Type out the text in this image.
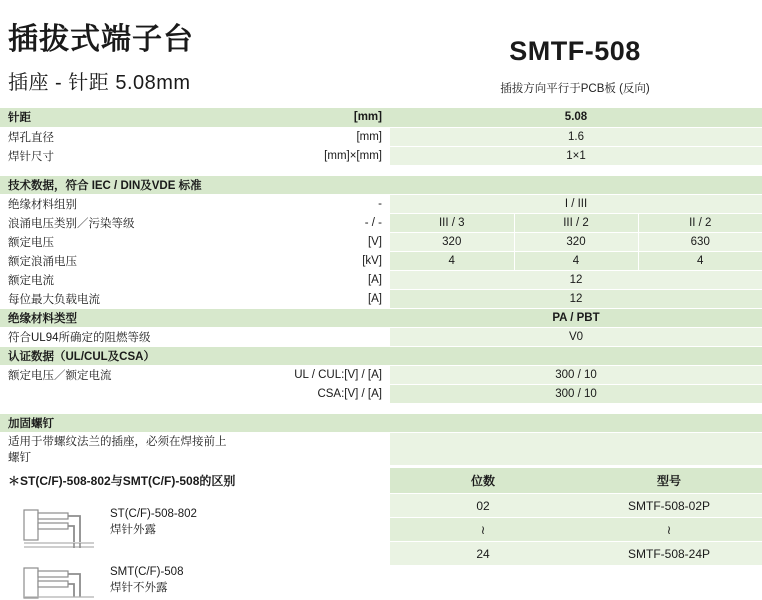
插拔式端子台
插座 - 针距 5.08mm
SMTF-508
插拔方向平行于PCB板 (反向)
针距	[mm]	5.08		
焊孔直径	[mm]	1.6		
焊针尺寸	[mm]×[mm]	1×1		

技术数据，符合 IEC / DIN及VDE 标准				
绝缘材料组别	-	I / III		
浪涌电压类别／污染等级	- / -	III / 3	III / 2	II / 2
额定电压	[V]	320	320	630
额定浪涌电压	[kV]	4	4	4
额定电流	[A]	12		
每位最大负载电流	[A]	12		
绝缘材料类型		PA / PBT		
符合UL94所确定的阻燃等级		V0		
认证数据（UL/CUL及CSA）				
额定电压／额定电流	UL / CUL:[V] / [A]	300 / 10		
	CSA:[V] / [A]	300 / 10		

加固螺钉				
适用于带螺纹法兰的插座，必须在焊接前上螺钉				
＊ST(C/F)-508-802与SMT(C/F)-508的区别
ST(C/F)-508-802
焊针外露
SMT(C/F)-508
焊针不外露
位数	型号
02	SMTF-508-02P
≀	≀
24	SMTF-508-24P
